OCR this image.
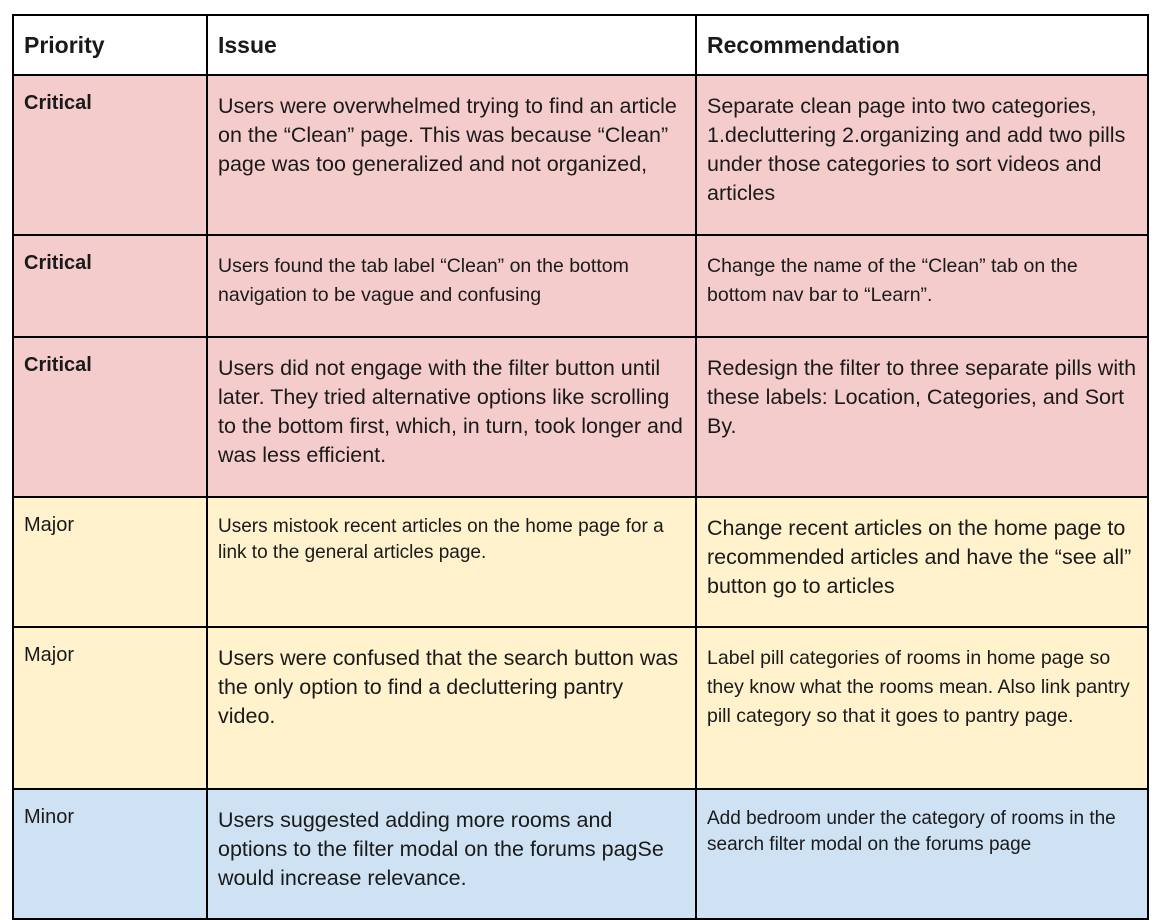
Priority	Issue	Recommendation
Critical	Users were overwhelmed trying to find an article on the “Clean” page. This was because “Clean” page was too generalized and not organized,	Separate clean page into two categories, 1.decluttering 2.organizing and add two pills under those categories to sort videos and articles
Critical	Users found the tab label “Clean” on the bottom navigation to be vague and confusing	Change the name of the “Clean” tab on the bottom nav bar to “Learn”.
Critical	Users did not engage with the filter button until later. They tried alternative options like scrolling to the bottom first, which, in turn, took longer and was less efficient.	Redesign the filter to three separate pills with these labels: Location, Categories, and Sort By.
Major	Users mistook recent articles on the home page for a link to the general articles page.	Change recent articles on the home page to recommended articles and have the “see all” button go to articles
Major	Users were confused that the search button was the only option to find a decluttering pantry video.	Label pill categories of rooms in home page so they know what the rooms mean. Also link pantry pill category so that it goes to pantry page.
Minor	Users suggested adding more rooms and options to the filter modal on the forums pagSe would increase relevance.	Add bedroom under the category of rooms in the search filter modal on the forums page
